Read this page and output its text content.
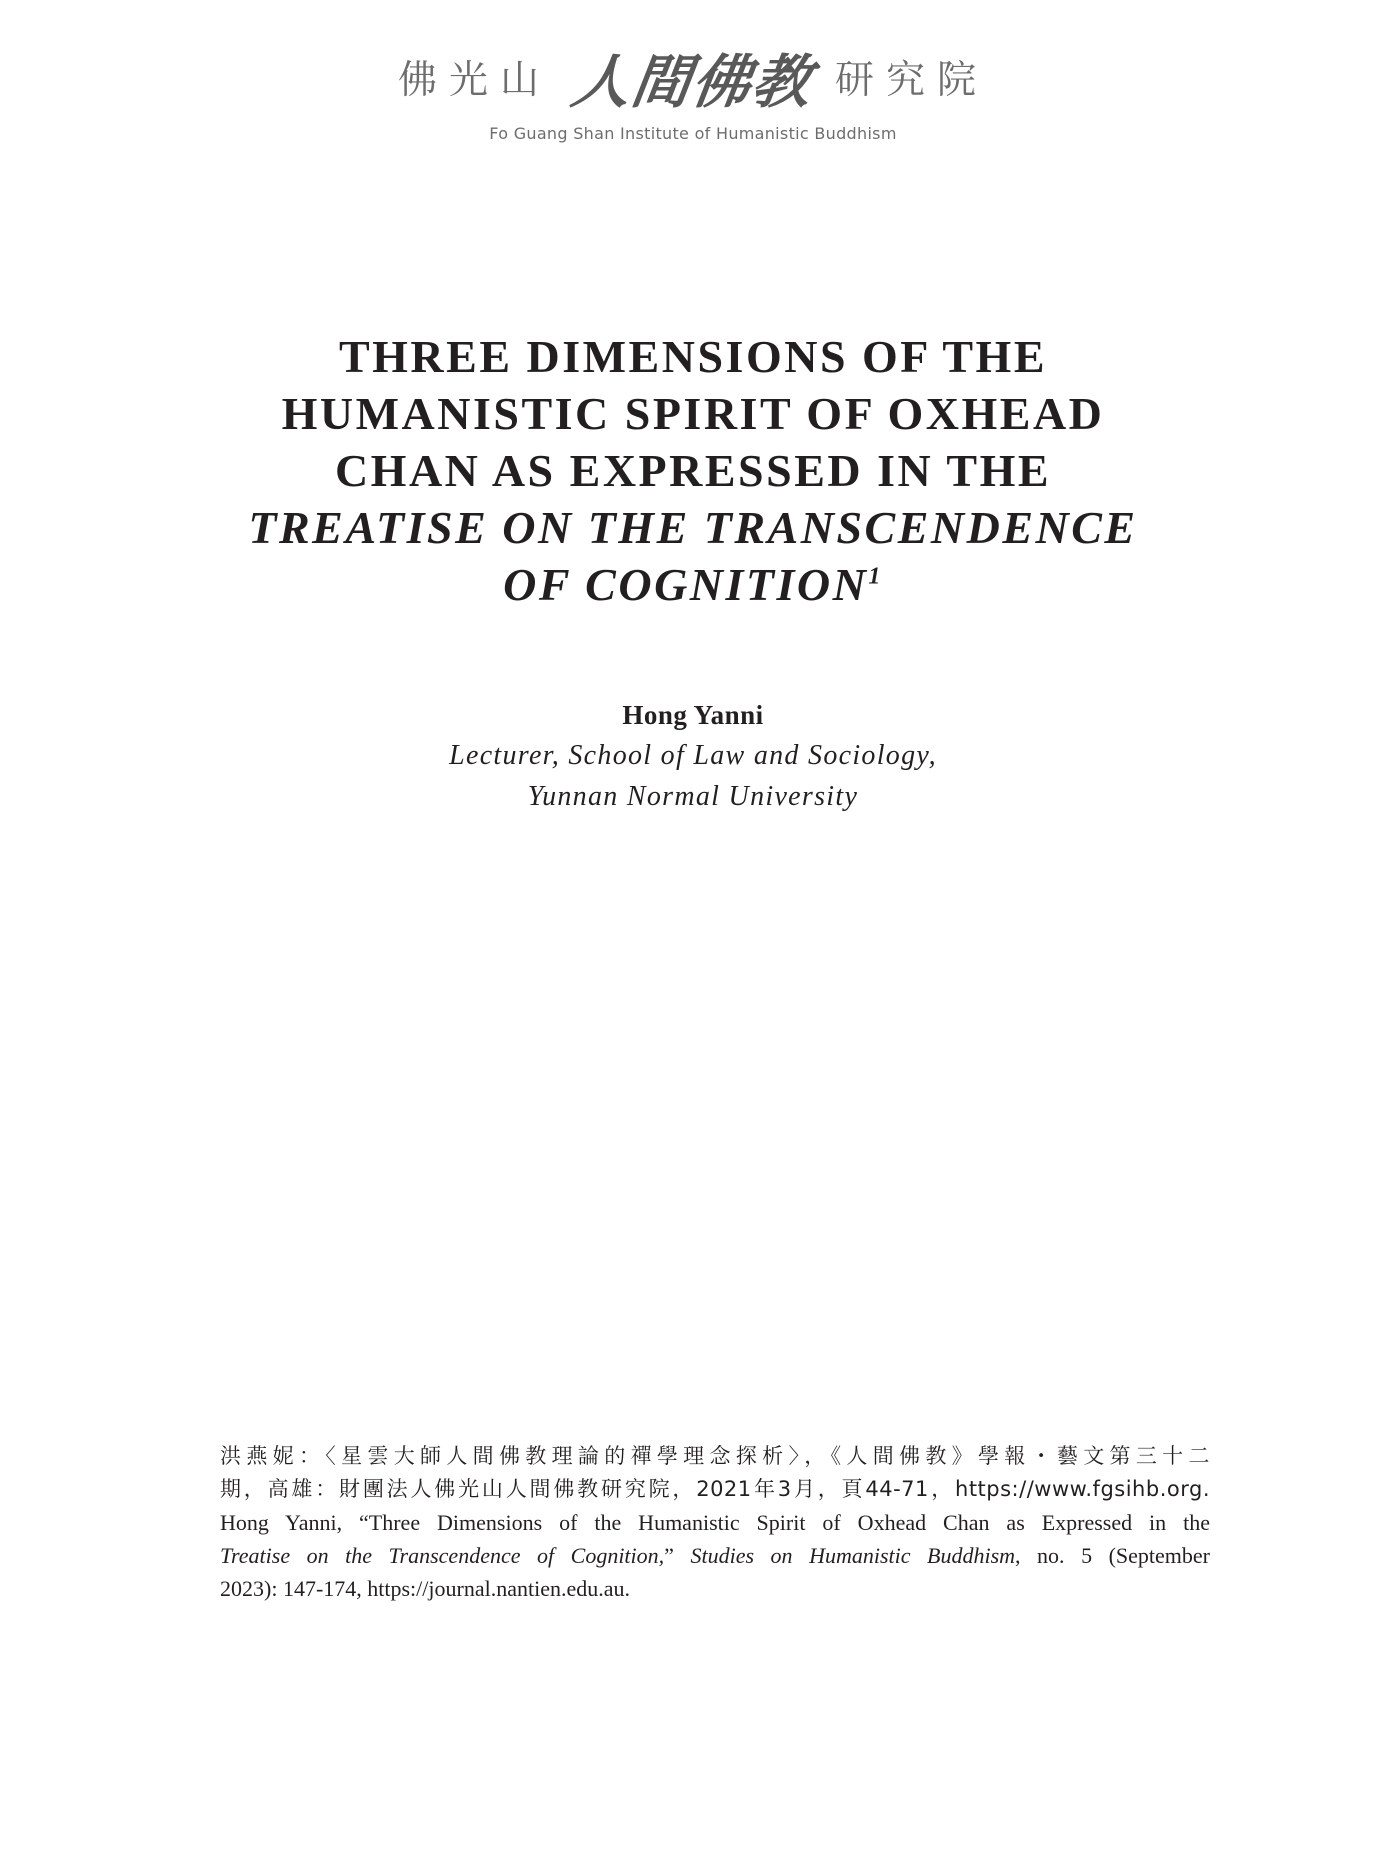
佛光山 人間佛教 研究院
Fo Guang Shan Institute of Humanistic Buddhism
THREE DIMENSIONS OF THE
HUMANISTIC SPIRIT OF OXHEAD
CHAN AS EXPRESSED IN THE
TREATISE ON THE TRANSCENDENCE
OF COGNITION$^1$
Hong Yanni
Lecturer, School of Law and Sociology,
Yunnan Normal University
洪燕妮：〈星雲大師人間佛教理論的禪學理念探析〉，《人間佛教》學報・藝文第三十二
期，高雄：財團法人佛光山人間佛教研究院，2021年3月，頁44-71，https://www.fgsihb.org.
Hong Yanni, “Three Dimensions of the Humanistic Spirit of Oxhead Chan as Expressed in the
Treatise on the Transcendence of Cognition,” Studies on Humanistic Buddhism, no. 5 (September
2023): 147-174, https://journal.nantien.edu.au.
